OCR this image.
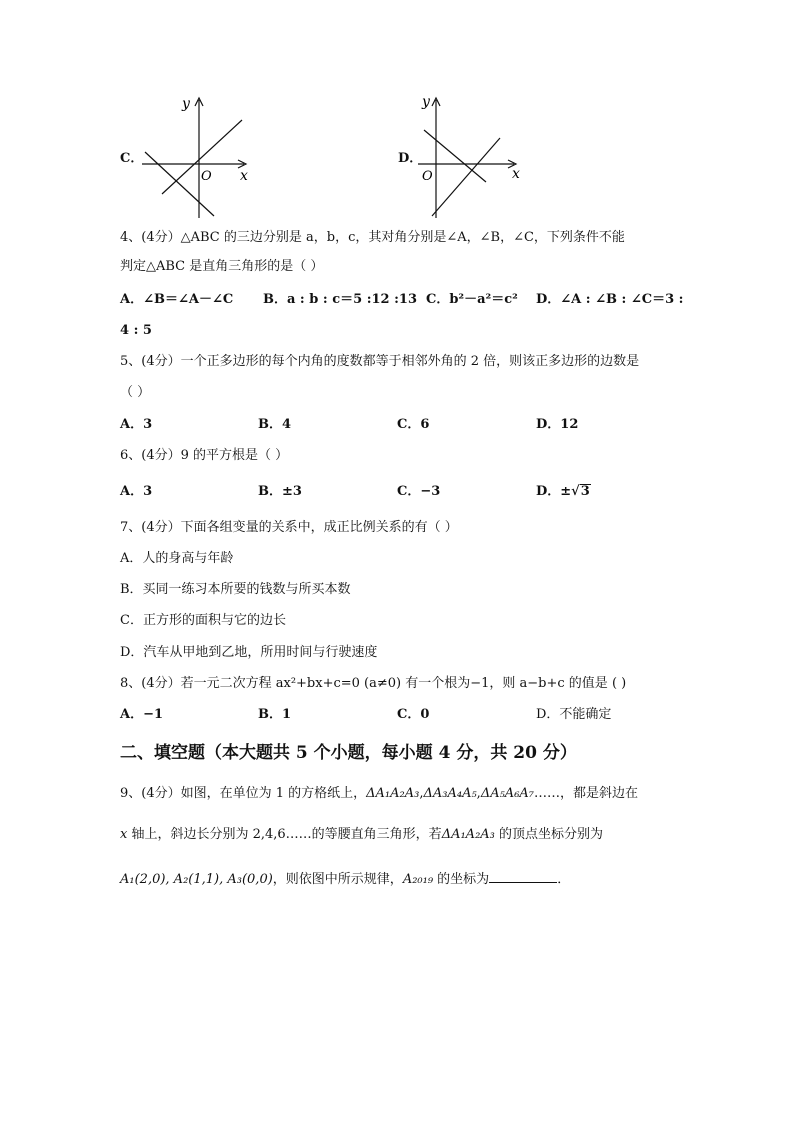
C．
y
x
O
D．
y
x
O
4、(4分）△ABC 的三边分别是 a，b，c，其对角分别是∠A，∠B，∠C，下列条件不能
判定△ABC 是直角三角形的是（ ）
A．∠B＝∠A－∠C B．a : b : c＝5 :12 :13 C．b²－a²＝c² D．∠A : ∠B : ∠C＝3 :
4 : 5
5、(4分）一个正多边形的每个内角的度数都等于相邻外角的 2 倍，则该正多边形的边数是
（ ）
A．3	B．4	C．6	D．12
6、(4分）9 的平方根是（ ）
A．3	B．±3	C．−3	D．±√3
7、(4分）下面各组变量的关系中，成正比例关系的有（ ）
A．人的身高与年龄
B．买同一练习本所要的钱数与所买本数
C．正方形的面积与它的边长
D．汽车从甲地到乙地，所用时间与行驶速度
8、(4分）若一元二次方程 ax²+bx+c=0 (a≠0) 有一个根为−1，则 a−b+c 的值是 ( )
A．−1	B．1	C．0	D．不能确定
二、填空题（本大题共 5 个小题，每小题 4 分，共 20 分）
9、(4分）如图，在单位为 1 的方格纸上，ΔA₁A₂A₃,ΔA₃A₄A₅,ΔA₅A₆A₇……，都是斜边在
x 轴上，斜边长分别为 2,4,6……的等腰直角三角形，若ΔA₁A₂A₃ 的顶点坐标分别为
A₁(2,0), A₂(1,1), A₃(0,0)，则依图中所示规律，A₂₀₁₉ 的坐标为	．
